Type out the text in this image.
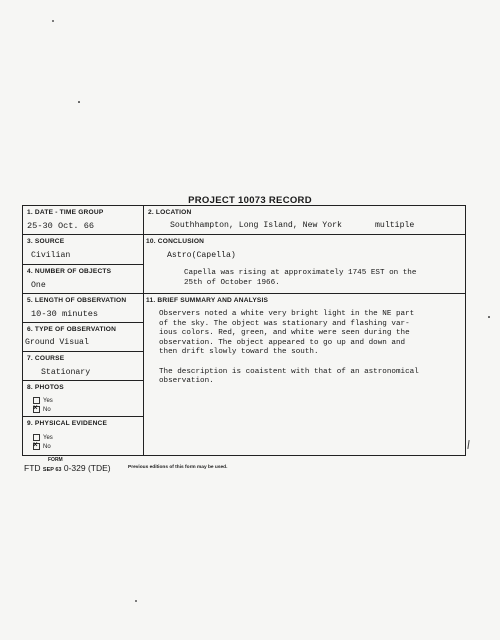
PROJECT 10073 RECORD
1. DATE - TIME GROUP
25-30 Oct. 66
2. LOCATION
Southhampton, Long Island, New York	multiple
3. SOURCE
Civilian
10. CONCLUSION
Astro(Capella)
Capella was rising at approximately 1745 EST on the
25th of October 1966.
4. NUMBER OF OBJECTS
One
5. LENGTH OF OBSERVATION
10-30 minutes
11. BRIEF SUMMARY AND ANALYSIS
Observers noted a white very bright light in the NE part
of the sky. The object was stationary and flashing var-
ious colors. Red, green, and white were seen during the
observation. The object appeared to go up and down and
then drift slowly toward the south.
The description is coaistent with that of an astronomical
observation.
6. TYPE OF OBSERVATION
Ground Visual
7. COURSE
Stationary
8. PHOTOS
Yes
×No
9. PHYSICAL EVIDENCE
Yes
×No
FORM
FTD SEP 63 0-329 (TDE)	Previous editions of this form may be used.
